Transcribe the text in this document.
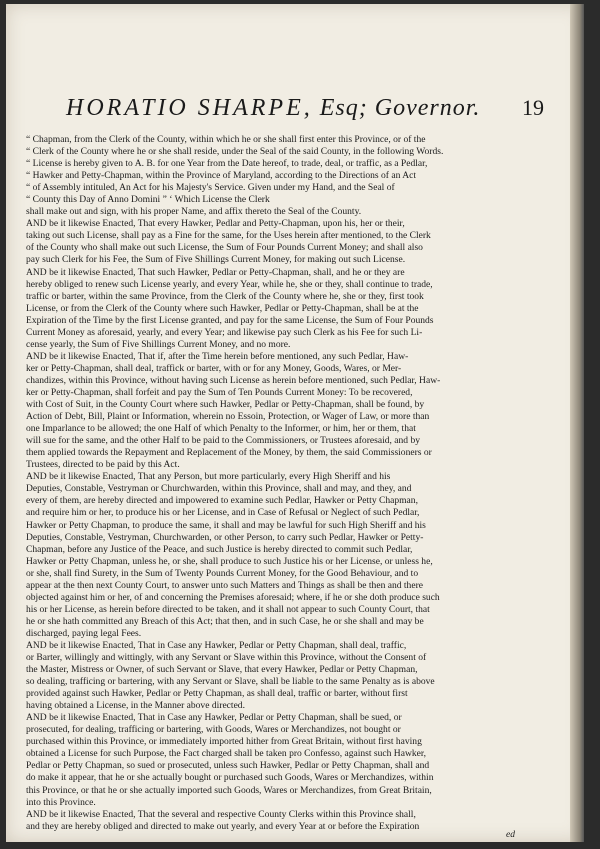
HORATIO SHARPE, Esq; Governor. 19
“ Chapman, from the Clerk of the County, within which he or she shall first enter this Province, or of the
“ Clerk of the County where he or she shall reside, under the Seal of the said County, in the following Words.
“ License is hereby given to A. B. for one Year from the Date hereof, to trade, deal, or traffic, as a Pedlar,
“ Hawker and Petty-Chapman, within the Province of Maryland, according to the Directions of an Act
“ of Assembly intituled, An Act for his Majesty's Service. Given under my Hand, and the Seal of
“ County this Day of Anno Domini ” ‘ Which License the Clerk
shall make out and sign, with his proper Name, and affix thereto the Seal of the County.
AND be it likewise Enacted, That every Hawker, Pedlar and Petty-Chapman, upon his, her or their,
taking out such License, shall pay as a Fine for the same, for the Uses herein after mentioned, to the Clerk
of the County who shall make out such License, the Sum of Four Pounds Current Money; and shall also
pay such Clerk for his Fee, the Sum of Five Shillings Current Money, for making out such License.
AND be it likewise Enacted, That such Hawker, Pedlar or Petty-Chapman, shall, and he or they are
hereby obliged to renew such License yearly, and every Year, while he, she or they, shall continue to trade,
traffic or barter, within the same Province, from the Clerk of the County where he, she or they, first took
License, or from the Clerk of the County where such Hawker, Pedlar or Petty-Chapman, shall be at the
Expiration of the Time by the first License granted, and pay for the same License, the Sum of Four Pounds
Current Money as aforesaid, yearly, and every Year; and likewise pay such Clerk as his Fee for such Li-
cense yearly, the Sum of Five Shillings Current Money, and no more.
AND be it likewise Enacted, That if, after the Time herein before mentioned, any such Pedlar, Haw-
ker or Petty-Chapman, shall deal, traffick or barter, with or for any Money, Goods, Wares, or Mer-
chandizes, within this Province, without having such License as herein before mentioned, such Pedlar, Haw-
ker or Petty-Chapman, shall forfeit and pay the Sum of Ten Pounds Current Money: To be recovered,
with Cost of Suit, in the County Court where such Hawker, Pedlar or Petty-Chapman, shall be found, by
Action of Debt, Bill, Plaint or Information, wherein no Essoin, Protection, or Wager of Law, or more than
one Imparlance to be allowed; the one Half of which Penalty to the Informer, or him, her or them, that
will sue for the same, and the other Half to be paid to the Commissioners, or Trustees aforesaid, and by
them applied towards the Repayment and Replacement of the Money, by them, the said Commissioners or
Trustees, directed to be paid by this Act.
AND be it likewise Enacted, That any Person, but more particularly, every High Sheriff and his
Deputies, Constable, Vestryman or Churchwarden, within this Province, shall and may, and they, and
every of them, are hereby directed and impowered to examine such Pedlar, Hawker or Petty Chapman,
and require him or her, to produce his or her License, and in Case of Refusal or Neglect of such Pedlar,
Hawker or Petty Chapman, to produce the same, it shall and may be lawful for such High Sheriff and his
Deputies, Constable, Vestryman, Churchwarden, or other Person, to carry such Pedlar, Hawker or Petty-
Chapman, before any Justice of the Peace, and such Justice is hereby directed to commit such Pedlar,
Hawker or Petty Chapman, unless he, or she, shall produce to such Justice his or her License, or unless he,
or she, shall find Surety, in the Sum of Twenty Pounds Current Money, for the Good Behaviour, and to
appear at the then next County Court, to answer unto such Matters and Things as shall be then and there
objected against him or her, of and concerning the Premises aforesaid; where, if he or she doth produce such
his or her License, as herein before directed to be taken, and it shall not appear to such County Court, that
he or she hath committed any Breach of this Act; that then, and in such Case, he or she shall and may be
discharged, paying legal Fees.
AND be it likewise Enacted, That in Case any Hawker, Pedlar or Petty Chapman, shall deal, traffic,
or Barter, willingly and wittingly, with any Servant or Slave within this Province, without the Consent of
the Master, Mistress or Owner, of such Servant or Slave, that every Hawker, Pedlar or Petty Chapman,
so dealing, trafficing or bartering, with any Servant or Slave, shall be liable to the same Penalty as is above
provided against such Hawker, Pedlar or Petty Chapman, as shall deal, traffic or barter, without first
having obtained a License, in the Manner above directed.
AND be it likewise Enacted, That in Case any Hawker, Pedlar or Petty Chapman, shall be sued, or
prosecuted, for dealing, trafficing or bartering, with Goods, Wares or Merchandizes, not bought or
purchased within this Province, or immediately imported hither from Great Britain, without first having
obtained a License for such Purpose, the Fact charged shall be taken pro Confesso, against such Hawker,
Pedlar or Petty Chapman, so sued or prosecuted, unless such Hawker, Pedlar or Petty Chapman, shall and
do make it appear, that he or she actually bought or purchased such Goods, Wares or Merchandizes, within
this Province, or that he or she actually imported such Goods, Wares or Merchandizes, from Great Britain,
into this Province.
AND be it likewise Enacted, That the several and respective County Clerks within this Province shall,
and they are hereby obliged and directed to make out yearly, and every Year at or before the Expiration
ed
